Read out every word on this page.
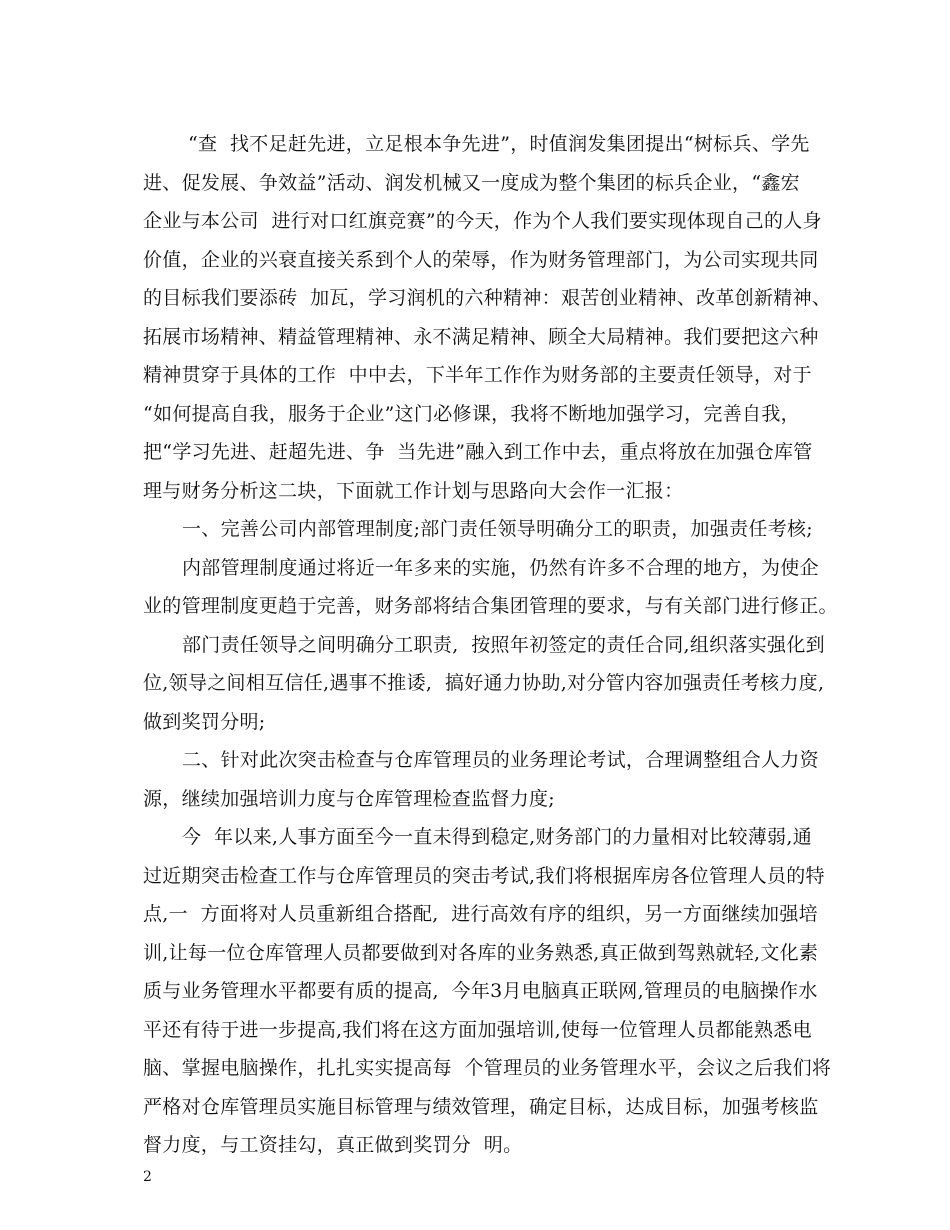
“查  找不足赶先进，立足根本争先进”，时值润发集团提出“树标兵、学先
进、促发展、争效益”活动、润发机械又一度成为整个集团的标兵企业，“鑫宏
企业与本公司  进行对口红旗竞赛”的今天，作为个人我们要实现体现自己的人身
价值，企业的兴衰直接关系到个人的荣辱，作为财务管理部门，为公司实现共同
的目标我们要添砖  加瓦，学习润机的六种精神：艰苦创业精神、改革创新精神、
拓展市场精神、精益管理精神、永不满足精神、顾全大局精神。我们要把这六种
精神贯穿于具体的工作  中中去，下半年工作作为财务部的主要责任领导，对于
“如何提高自我，服务于企业”这门必修课，我将不断地加强学习，完善自我，
把“学习先进、赶超先进、争  当先进”融入到工作中去，重点将放在加强仓库管
理与财务分析这二块，下面就工作计划与思路向大会作一汇报：
一、完善公司内部管理制度;部门责任领导明确分工的职责，加强责任考核;
内部管理制度通过将近一年多来的实施，仍然有许多不合理的地方，为使企
业的管理制度更趋于完善，财务部将结合集团管理的要求，与有关部门进行修正。
部门责任领导之间明确分工职责,  按照年初签定的责任合同,组织落实强化到
位,领导之间相互信任,遇事不推诿,  搞好通力协助,对分管内容加强责任考核力度,
做到奖罚分明;
二、针对此次突击检查与仓库管理员的业务理论考试，合理调整组合人力资
源，继续加强培训力度与仓库管理检查监督力度;
今  年以来,人事方面至今一直未得到稳定,财务部门的力量相对比较薄弱,通
过近期突击检查工作与仓库管理员的突击考试,我们将根据库房各位管理人员的特
点,一  方面将对人员重新组合搭配,  进行高效有序的组织，另一方面继续加强培
训,让每一位仓库管理人员都要做到对各库的业务熟悉,真正做到驾熟就轻,文化素
质与业务管理水平都要有质的提高,  今年3月电脑真正联网,管理员的电脑操作水
平还有待于进一步提高,我们将在这方面加强培训,使每一位管理人员都能熟悉电
脑、掌握电脑操作，扎扎实实提高每  个管理员的业务管理水平，会议之后我们将
严格对仓库管理员实施目标管理与绩效管理，确定目标，达成目标，加强考核监
督力度，与工资挂勾，真正做到奖罚分  明。
2
